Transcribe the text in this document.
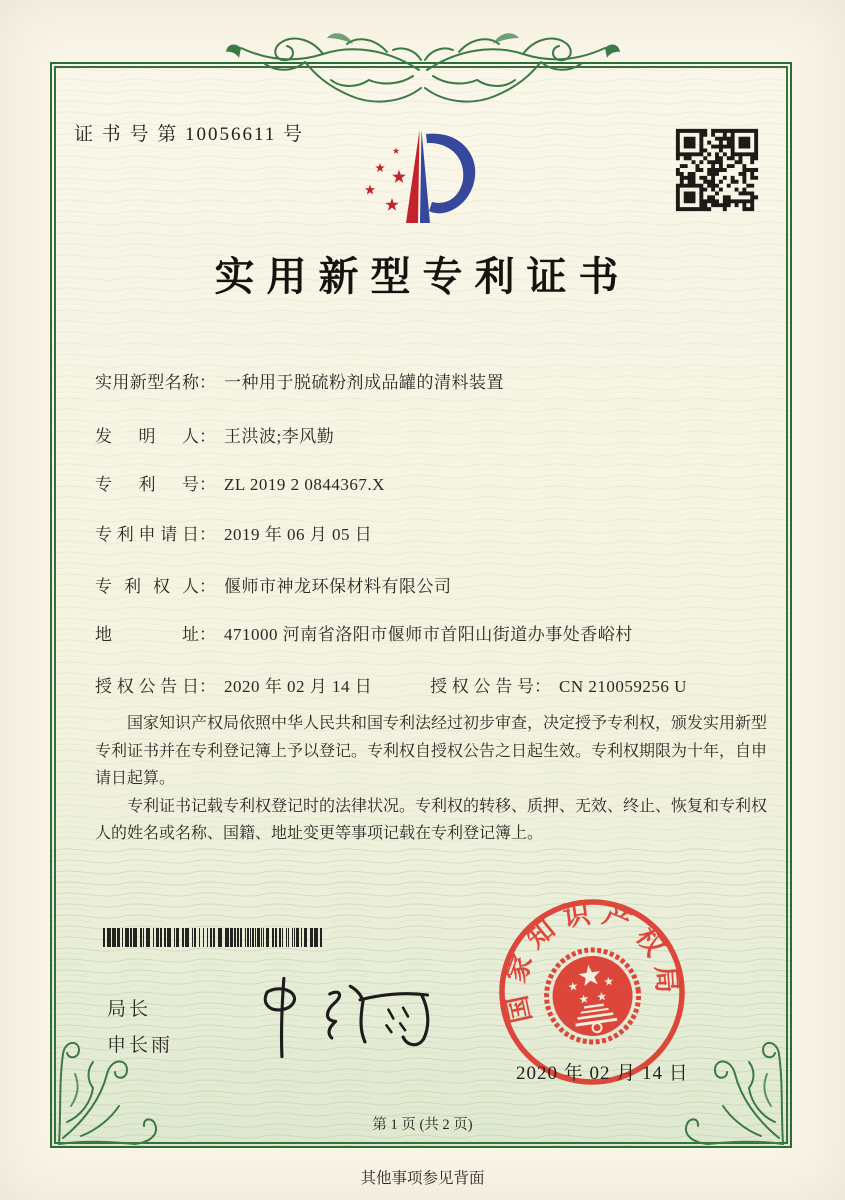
证 书 号 第 10056611 号
实用新型专利证书
实用新型名称： 一种用于脱硫粉剂成品罐的清料装置
发明人： 王洪波;李风勤
专利号： ZL 2019 2 0844367.X
专利申请日： 2019 年 06 月 05 日
专利权人： 偃师市神龙环保材料有限公司
地址： 471000 河南省洛阳市偃师市首阳山街道办事处香峪村
授权公告日： 2020 年 02 月 14 日	授权公告号： CN 210059256 U

国家知识产权局依照中华人民共和国专利法经过初步审查，决定授予专利权，颁发实用新型专利证书并在专利登记簿上予以登记。专利权自授权公告之日起生效。专利权期限为十年，自申请日起算。

专利证书记载专利权登记时的法律状况。专利权的转移、质押、无效、终止、恢复和专利权人的姓名或名称、国籍、地址变更等事项记载在专利登记簿上。

局长
申长雨
国家知识产权局
2020 年 02 月 14 日
第 1 页 (共 2 页)
其他事项参见背面
